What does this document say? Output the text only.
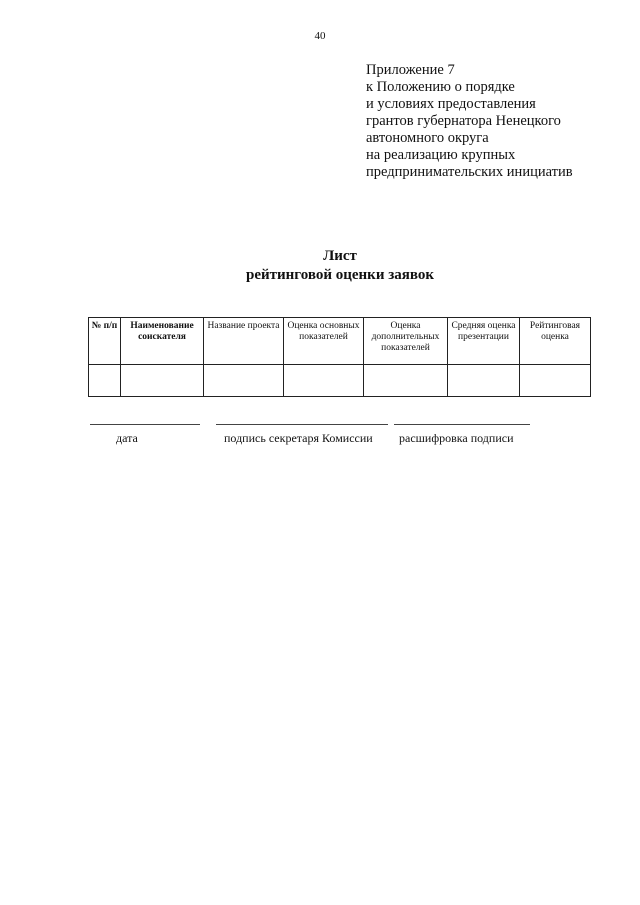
40
Приложение 7
к Положению о порядке
и условиях предоставления
грантов губернатора Ненецкого
автономного округа
на реализацию крупных
предпринимательских инициатив
Лист
рейтинговой оценки заявок
№ п/п	Наименование соискателя	Название проекта	Оценка основных показателей	Оценка дополнительных показателей	Средняя оценка презентации	Рейтинговая оценка

дата	подпись секретаря Комиссии расшифровка подписи
